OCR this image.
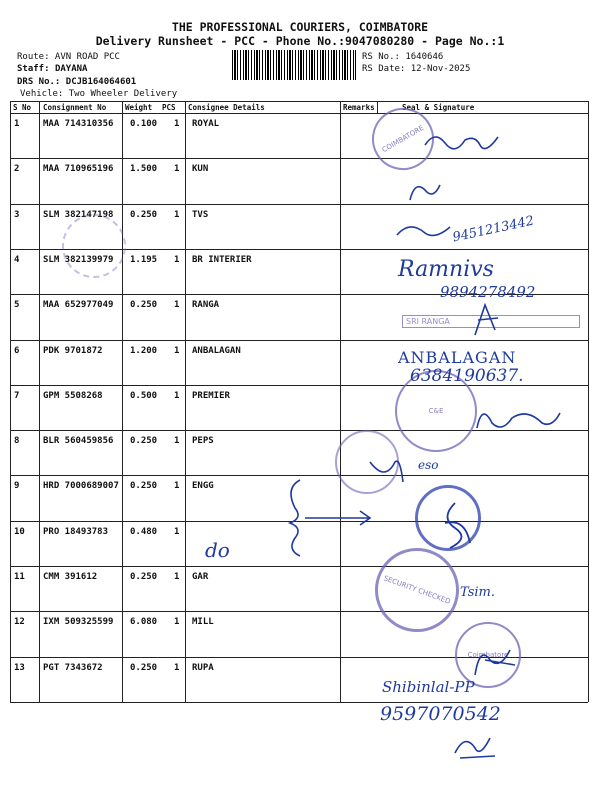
THE PROFESSIONAL COURIERS, COIMBATORE
Delivery Runsheet - PCC - Phone No.:9047080280 - Page No.:1
Route: AVN ROAD PCC
Staff: DAYANA
DRS No.: DCJB164064601
Vehicle: Two Wheeler Delivery
RS No.: 1640646
RS Date: 12-Nov-2025
S No Consignment No	Weight PCS Consignee Details	Remarks	Seal & Signature
1	MAA 714310356 0.100 1 ROYAL
2	MAA 710965196 1.500 1 KUN
3	SLM 382147198 0.250 1 TVS
4	SLM 382139979 1.195 1 BR INTERIER
5	MAA 652977049 0.250 1 RANGA
6	PDK 9701872	1.200 1 ANBALAGAN
7	GPM 5508268	0.500 1 PREMIER
8	BLR 560459856 0.250 1 PEPS
9	HRD 7000689007 0.250 1 ENGG
10 PRO 18493783 0.480 1
11 CMM 391612	0.250 1 GAR
12 IXM 509325599 6.080 1 MILL
13 PGT 7343672	0.250 1 RUPA
COIMBATORE
SRI RANGA
C&E
SECURITY CHECKED
Coimbatore
9451213442
Ramnivs
9894278492
ANBALAGAN
6384190637.
eso
do
Tsim.
Shibinlal-PP
9597070542
